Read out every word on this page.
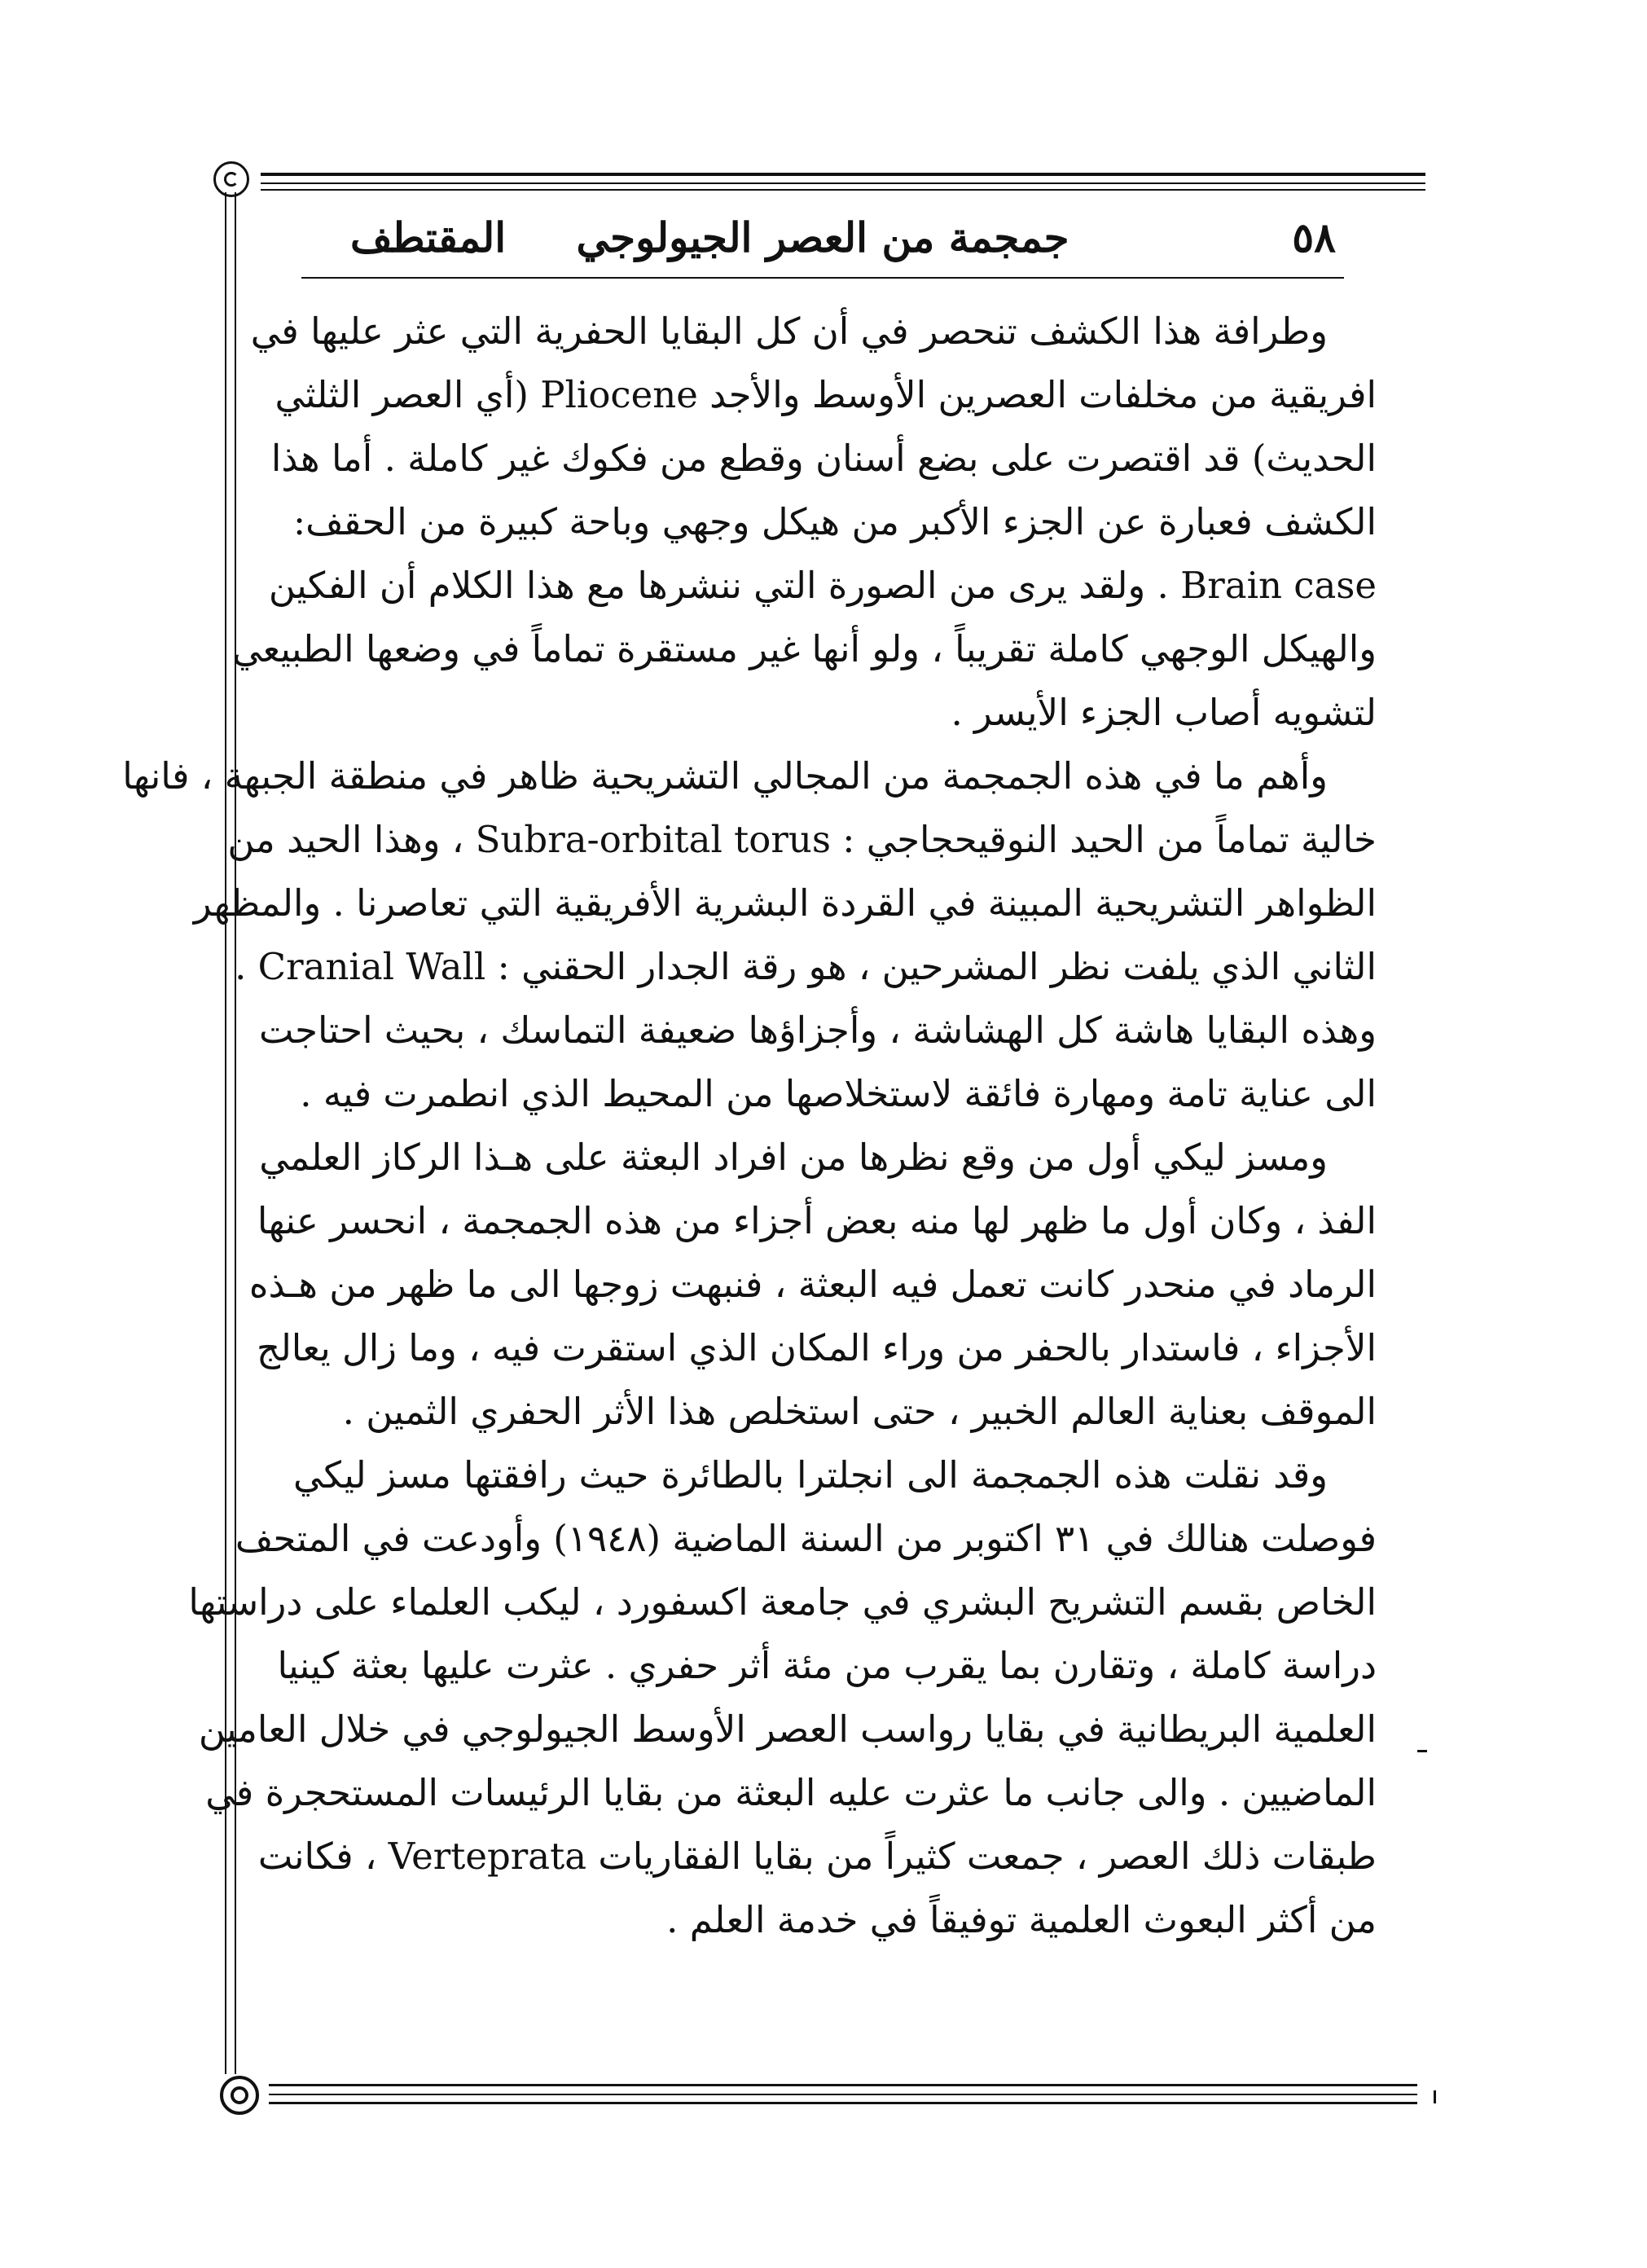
٥٨
جمجمة من العصر الجيولوجي
المقتطف
وطرافة هذا الكشف تنحصر في أن كل البقايا الحفرية التي عثر عليها في
افريقية من مخلفات العصرين الأوسط والأجد Pliocene (أي العصر الثلثي
الحديث) قد اقتصرت على بضع أسنان وقطع من فكوك غير كاملة . أما هذا
الكشف فعبارة عن الجزء الأكبر من هيكل وجهي وباحة كبيرة من الحقف:
Brain case . ولقد يرى من الصورة التي ننشرها مع هذا الكلام أن الفكين
والهيكل الوجهي كاملة تقريباً ، ولو أنها غير مستقرة تماماً في وضعها الطبيعي
لتشويه أصاب الجزء الأيسر .
وأهم ما في هذه الجمجمة من المجالي التشريحية ظاهر في منطقة الجبهة ، فانها
خالية تماماً من الحيد النوقيحجاجي : Subra-orbital torus ، وهذا الحيد من
الظواهر التشريحية المبينة في القردة البشرية الأفريقية التي تعاصرنا . والمظهر
الثاني الذي يلفت نظر المشرحين ، هو رقة الجدار الحقني : Cranial Wall .
وهذه البقايا هاشة كل الهشاشة ، وأجزاؤها ضعيفة التماسك ، بحيث احتاجت
الى عناية تامة ومهارة فائقة لاستخلاصها من المحيط الذي انطمرت فيه .
ومسز ليكي أول من وقع نظرها من افراد البعثة على هـذا الركاز العلمي
الفذ ، وكان أول ما ظهر لها منه بعض أجزاء من هذه الجمجمة ، انحسر عنها
الرماد في منحدر كانت تعمل فيه البعثة ، فنبهت زوجها الى ما ظهر من هـذه
الأجزاء ، فاستدار بالحفر من وراء المكان الذي استقرت فيه ، وما زال يعالج
الموقف بعناية العالم الخبير ، حتى استخلص هذا الأثر الحفري الثمين .
وقد نقلت هذه الجمجمة الى انجلترا بالطائرة حيث رافقتها مسز ليكي
فوصلت هنالك في ٣١ اكتوبر من السنة الماضية (١٩٤٨) وأودعت في المتحف
الخاص بقسم التشريح البشري في جامعة اكسفورد ، ليكب العلماء على دراستها
دراسة كاملة ، وتقارن بما يقرب من مئة أثر حفري . عثرت عليها بعثة كينيا
العلمية البريطانية في بقايا رواسب العصر الأوسط الجيولوجي في خلال العامين
الماضيين . والى جانب ما عثرت عليه البعثة من بقايا الرئيسات المستحجرة في
طبقات ذلك العصر ، جمعت كثيراً من بقايا الفقاريات Verteprata ، فكانت
من أكثر البعوث العلمية توفيقاً في خدمة العلم .
